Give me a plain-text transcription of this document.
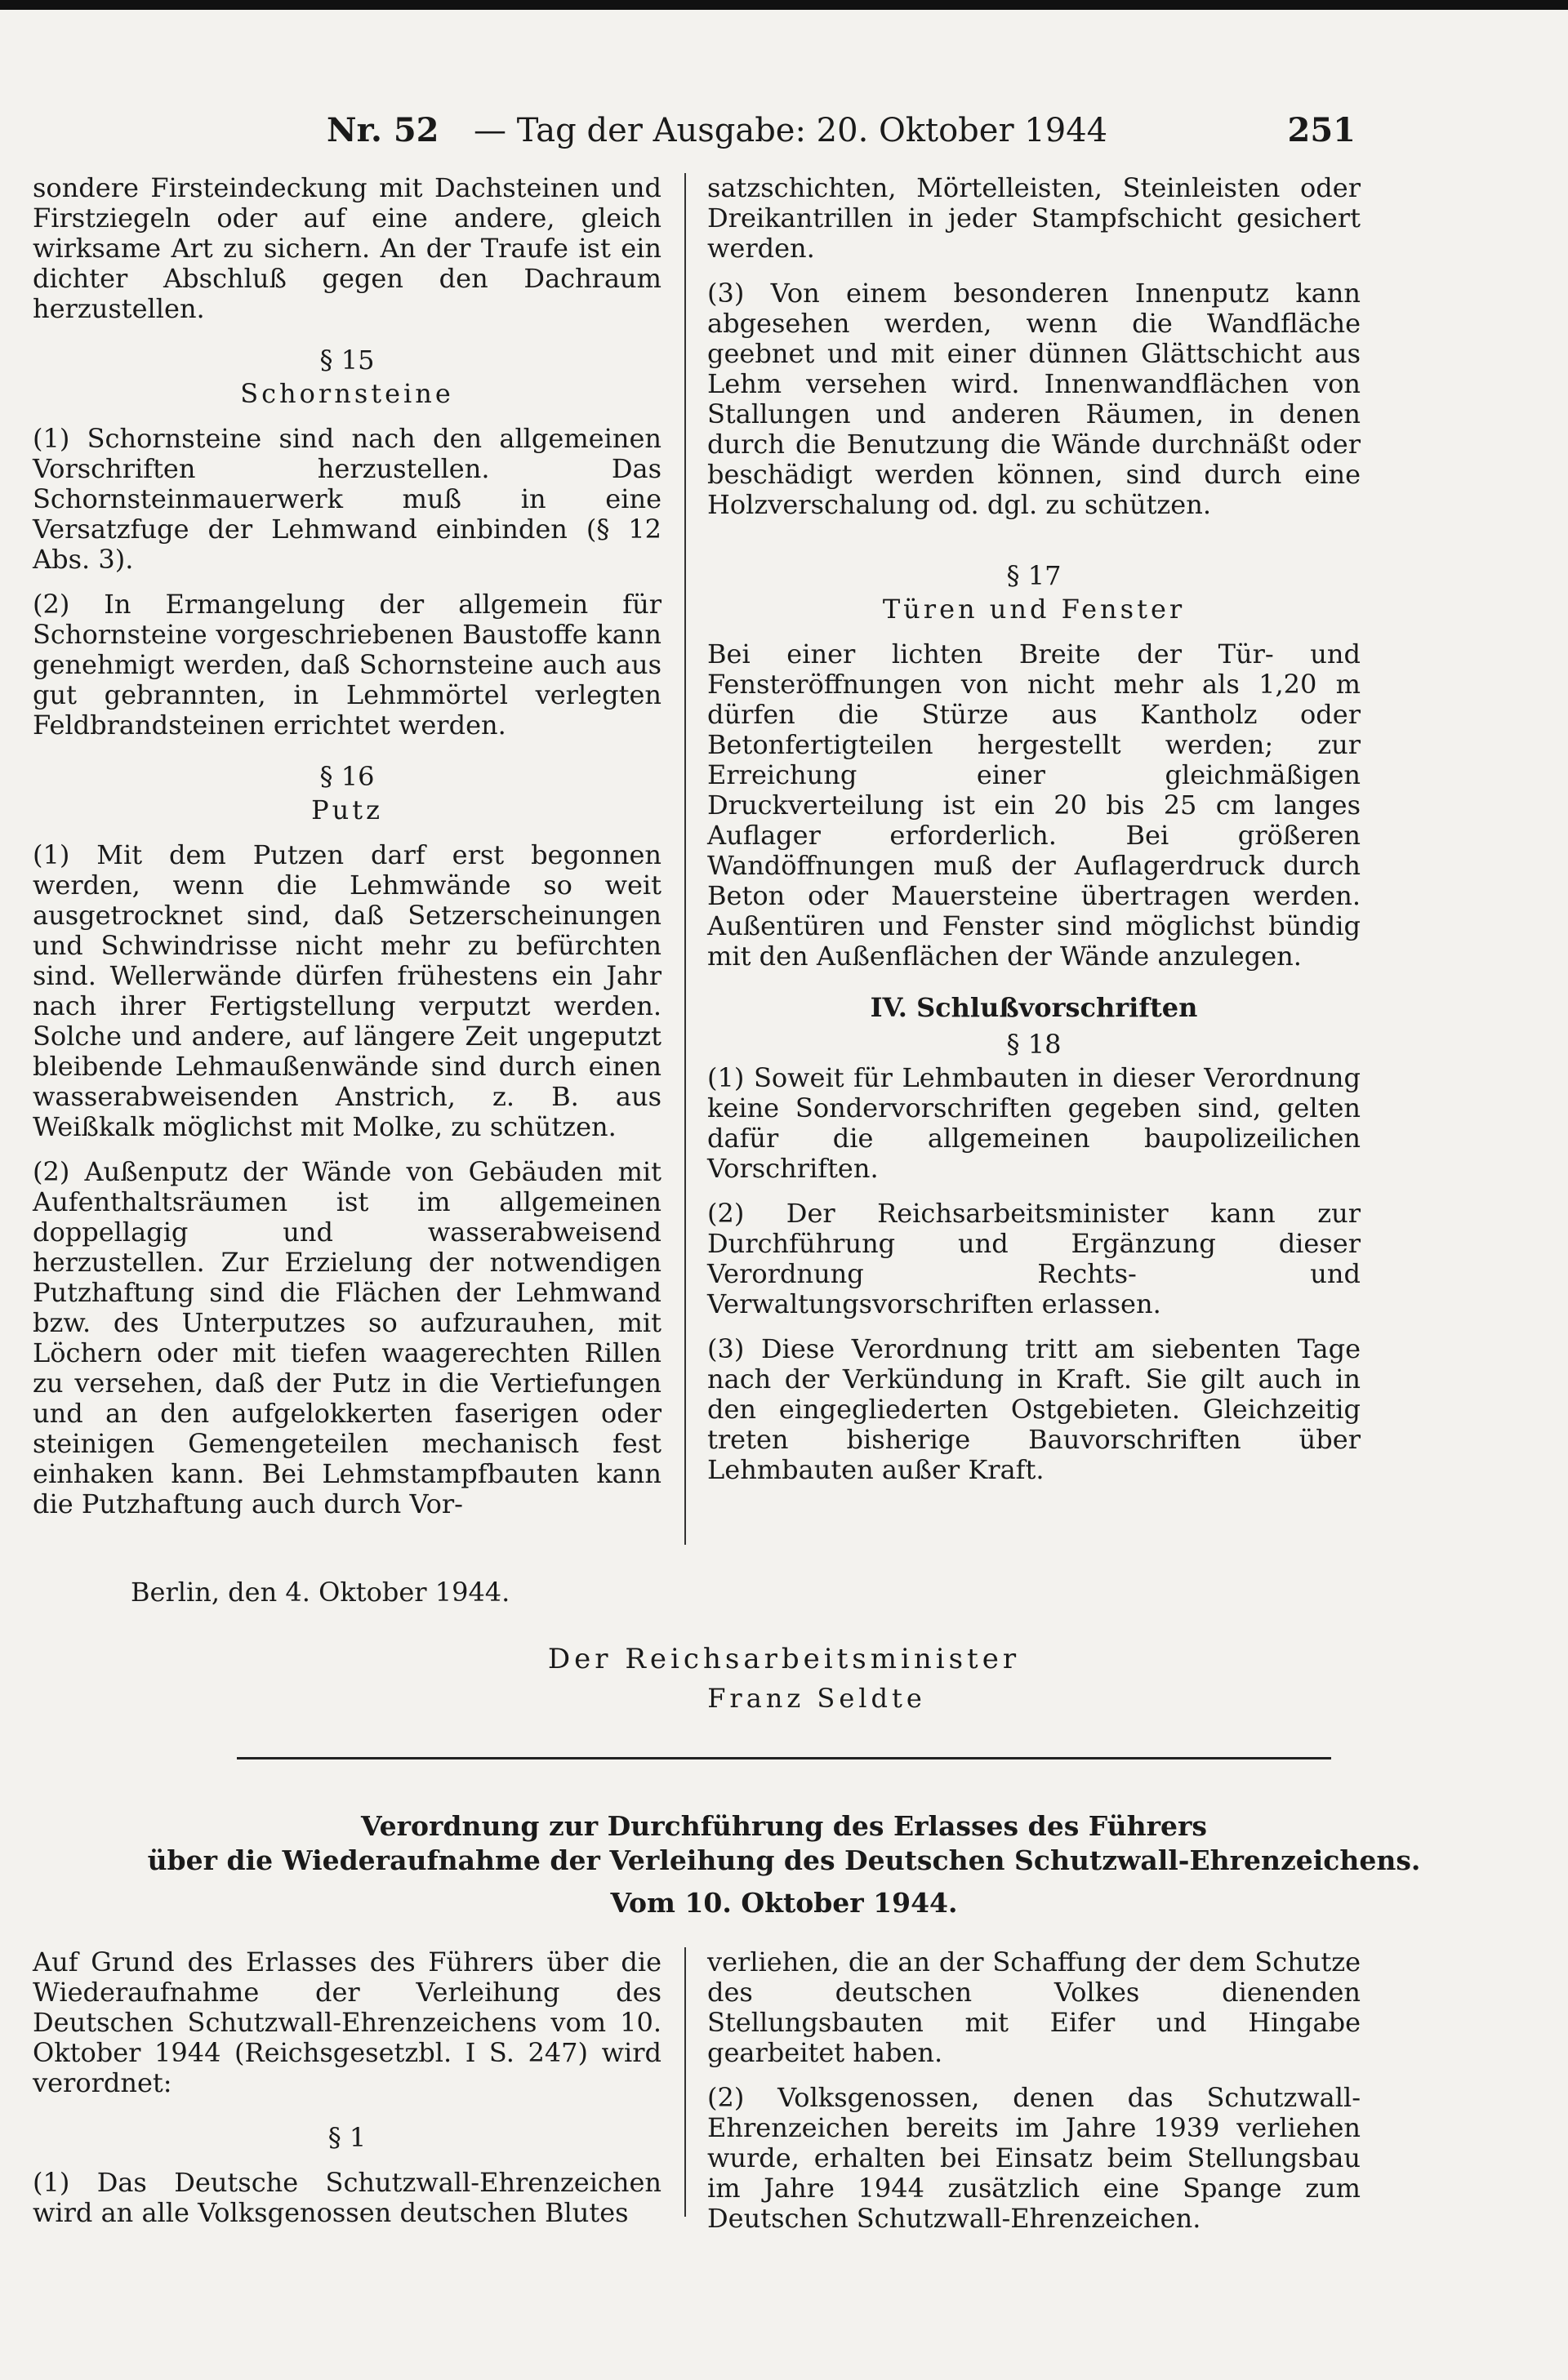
Nr. 52 — Tag der Ausgabe: 20. Oktober 1944	251

sondere Firsteindeckung mit Dachsteinen und Firstziegeln oder auf eine andere, gleich wirksame Art zu sichern. An der Traufe ist ein dichter Abschluß gegen den Dachraum herzustellen.

§ 15
Schornsteine

(1) Schornsteine sind nach den allgemeinen Vorschriften herzustellen. Das Schornsteinmauerwerk muß in eine Versatzfuge der Lehmwand einbinden (§ 12 Abs. 3).

(2) In Ermangelung der allgemein für Schornsteine vorgeschriebenen Baustoffe kann genehmigt werden, daß Schornsteine auch aus gut gebrannten, in Lehmmörtel verlegten Feldbrandsteinen errichtet werden.

§ 16
Putz

(1) Mit dem Putzen darf erst begonnen werden, wenn die Lehmwände so weit ausgetrocknet sind, daß Setzerscheinungen und Schwindrisse nicht mehr zu befürchten sind. Wellerwände dürfen frühestens ein Jahr nach ihrer Fertigstellung verputzt werden. Solche und andere, auf längere Zeit ungeputzt bleibende Lehmaußenwände sind durch einen wasserabweisenden Anstrich, z. B. aus Weißkalk möglichst mit Molke, zu schützen.

(2) Außenputz der Wände von Gebäuden mit Aufenthaltsräumen ist im allgemeinen doppellagig und wasserabweisend herzustellen. Zur Erzielung der notwendigen Putzhaftung sind die Flächen der Lehmwand bzw. des Unterputzes so aufzurauhen, mit Löchern oder mit tiefen waagerechten Rillen zu versehen, daß der Putz in die Vertiefungen und an den aufgelokkerten faserigen oder steinigen Gemengeteilen mechanisch fest einhaken kann. Bei Lehmstampfbauten kann die Putzhaftung auch durch Vor-

satzschichten, Mörtelleisten, Steinleisten oder Dreikantrillen in jeder Stampfschicht gesichert werden.

(3) Von einem besonderen Innenputz kann abgesehen werden, wenn die Wandfläche geebnet und mit einer dünnen Glättschicht aus Lehm versehen wird. Innenwandflächen von Stallungen und anderen Räumen, in denen durch die Benutzung die Wände durchnäßt oder beschädigt werden können, sind durch eine Holzverschalung od. dgl. zu schützen.

§ 17
Türen und Fenster

Bei einer lichten Breite der Tür- und Fensteröffnungen von nicht mehr als 1,20 m dürfen die Stürze aus Kantholz oder Betonfertigteilen hergestellt werden; zur Erreichung einer gleichmäßigen Druckverteilung ist ein 20 bis 25 cm langes Auflager erforderlich. Bei größeren Wandöffnungen muß der Auflagerdruck durch Beton oder Mauersteine übertragen werden. Außentüren und Fenster sind möglichst bündig mit den Außenflächen der Wände anzulegen.

IV. Schlußvorschriften
§ 18

(1) Soweit für Lehmbauten in dieser Verordnung keine Sondervorschriften gegeben sind, gelten dafür die allgemeinen baupolizeilichen Vorschriften.

(2) Der Reichsarbeitsminister kann zur Durchführung und Ergänzung dieser Verordnung Rechts- und Verwaltungsvorschriften erlassen.

(3) Diese Verordnung tritt am siebenten Tage nach der Verkündung in Kraft. Sie gilt auch in den eingegliederten Ostgebieten. Gleichzeitig treten bisherige Bauvorschriften über Lehmbauten außer Kraft.

Berlin, den 4. Oktober 1944.
Der Reichsarbeitsminister
Franz Seldte
Verordnung zur Durchführung des Erlasses des Führers
über die Wiederaufnahme der Verleihung des Deutschen Schutzwall-Ehrenzeichens.
Vom 10. Oktober 1944.

Auf Grund des Erlasses des Führers über die Wiederaufnahme der Verleihung des Deutschen Schutzwall-Ehrenzeichens vom 10. Oktober 1944 (Reichsgesetzbl. I S. 247) wird verordnet:

§ 1

(1) Das Deutsche Schutzwall-Ehrenzeichen wird an alle Volksgenossen deutschen Blutes

verliehen, die an der Schaffung der dem Schutze des deutschen Volkes dienenden Stellungsbauten mit Eifer und Hingabe gearbeitet haben.

(2) Volksgenossen, denen das Schutzwall-Ehrenzeichen bereits im Jahre 1939 verliehen wurde, erhalten bei Einsatz beim Stellungsbau im Jahre 1944 zusätzlich eine Spange zum Deutschen Schutzwall-Ehrenzeichen.
